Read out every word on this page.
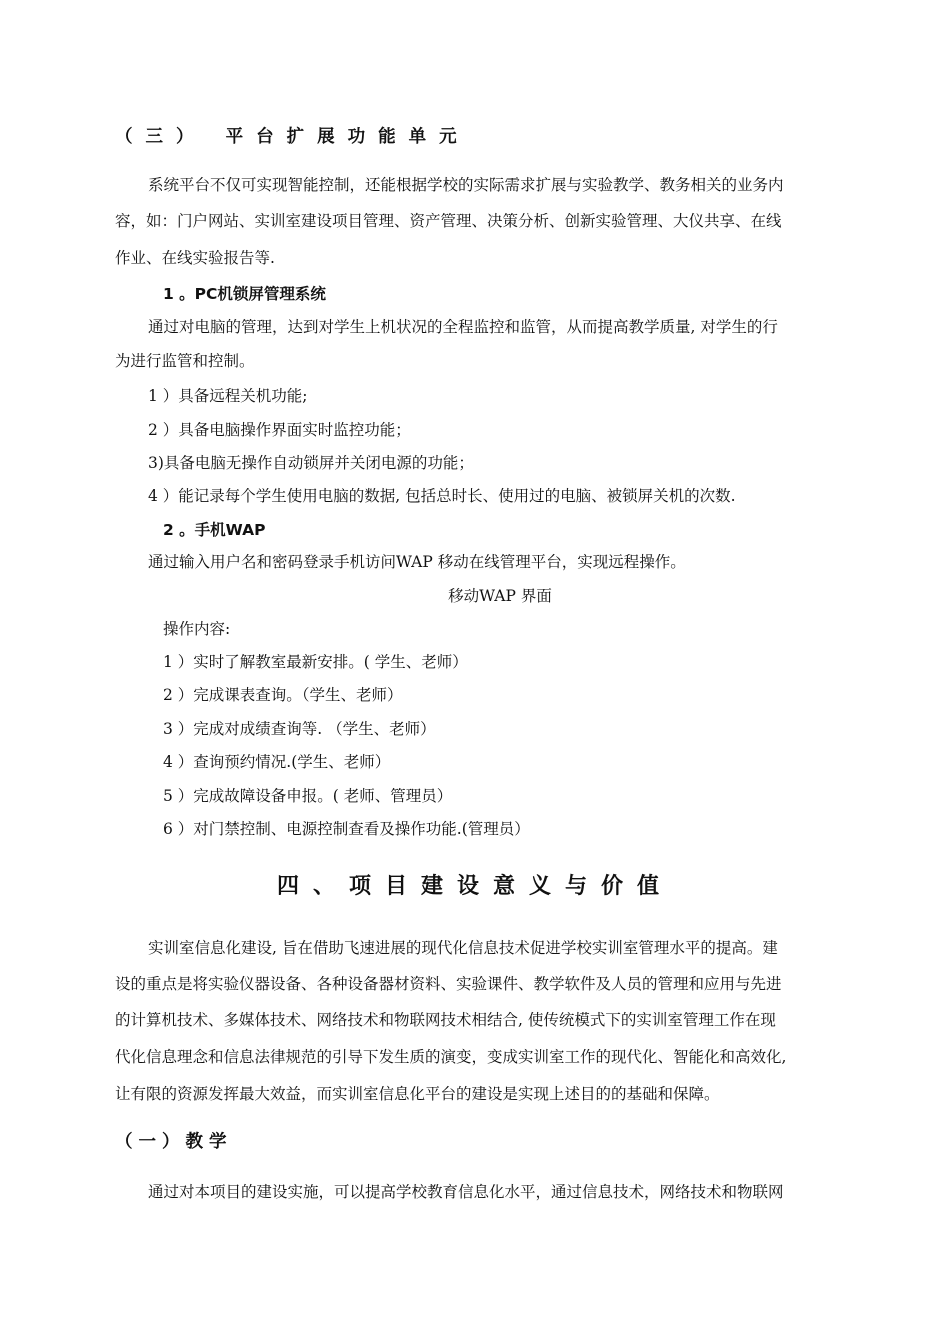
（三） 平台扩展功能单元
系统平台不仅可实现智能控制，还能根据学校的实际需求扩展与实验教学、教务相关的业务内
容，如：门户网站、实训室建设项目管理、资产管理、决策分析、创新实验管理、大仪共享、在线
作业、在线实验报告等.
1 。PC机锁屏管理系统
通过对电脑的管理，达到对学生上机状况的全程监控和监管，从而提高教学质量, 对学生的行
为进行监管和控制。
1 ）具备远程关机功能;
2 ）具备电脑操作界面实时监控功能；
3)具备电脑无操作自动锁屏并关闭电源的功能；
4 ）能记录每个学生使用电脑的数据, 包括总时长、使用过的电脑、被锁屏关机的次数.
2 。手机WAP
通过输入用户名和密码登录手机访问WAP 移动在线管理平台，实现远程操作。
移动WAP 界面
操作内容:
1 ）实时了解教室最新安排。( 学生、老师）
2 ）完成课表查询。（学生、老师）
3 ）完成对成绩查询等. （学生、老师）
4 ）查询预约情况.(学生、老师）
5 ）完成故障设备申报。( 老师、管理员）
6 ）对门禁控制、电源控制查看及操作功能.(管理员）
四、项目建设意义与价值
实训室信息化建设, 旨在借助飞速进展的现代化信息技术促进学校实训室管理水平的提高。建
设的重点是将实验仪器设备、各种设备器材资料、实验课件、教学软件及人员的管理和应用与先进
的计算机技术、多媒体技术、网络技术和物联网技术相结合, 使传统模式下的实训室管理工作在现
代化信息理念和信息法律规范的引导下发生质的演变，变成实训室工作的现代化、智能化和高效化,
让有限的资源发挥最大效益，而实训室信息化平台的建设是实现上述目的的基础和保障。
（一）教学
通过对本项目的建设实施，可以提高学校教育信息化水平，通过信息技术，网络技术和物联网
